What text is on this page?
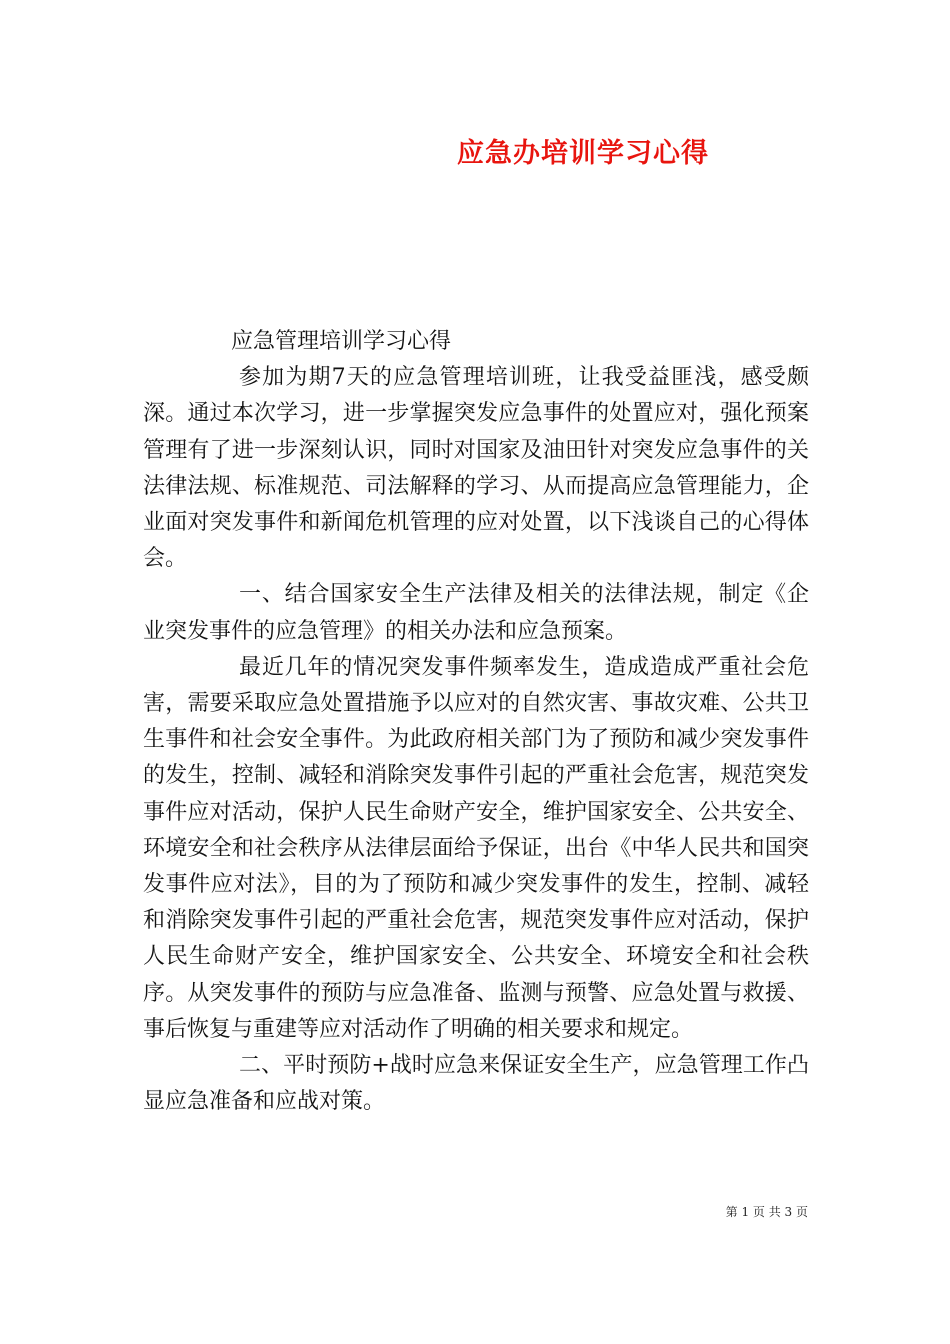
应急办培训学习心得

应急管理培训学习心得

参加为期7天的应急管理培训班，让我受益匪浅，感受颇深。通过本次学习，进一步掌握突发应急事件的处置应对，强化预案管理有了进一步深刻认识，同时对国家及油田针对突发应急事件的关法律法规、标准规范、司法解释的学习、从而提高应急管理能力，企业面对突发事件和新闻危机管理的应对处置，以下浅谈自己的心得体会。

一、结合国家安全生产法律及相关的法律法规，制定《企业突发事件的应急管理》的相关办法和应急预案。

最近几年的情况突发事件频率发生，造成造成严重社会危害，需要采取应急处置措施予以应对的自然灾害、事故灾难、公共卫生事件和社会安全事件。为此政府相关部门为了预防和减少突发事件的发生，控制、减轻和消除突发事件引起的严重社会危害，规范突发事件应对活动，保护人民生命财产安全，维护国家安全、公共安全、环境安全和社会秩序从法律层面给予保证，出台《中华人民共和国突发事件应对法》，目的为了预防和减少突发事件的发生，控制、减轻和消除突发事件引起的严重社会危害，规范突发事件应对活动，保护人民生命财产安全，维护国家安全、公共安全、环境安全和社会秩序。从突发事件的预防与应急准备、监测与预警、应急处置与救援、事后恢复与重建等应对活动作了明确的相关要求和规定。

二、平时预防+战时应急来保证安全生产，应急管理工作凸显应急准备和应战对策。

第 1 页 共 3 页
